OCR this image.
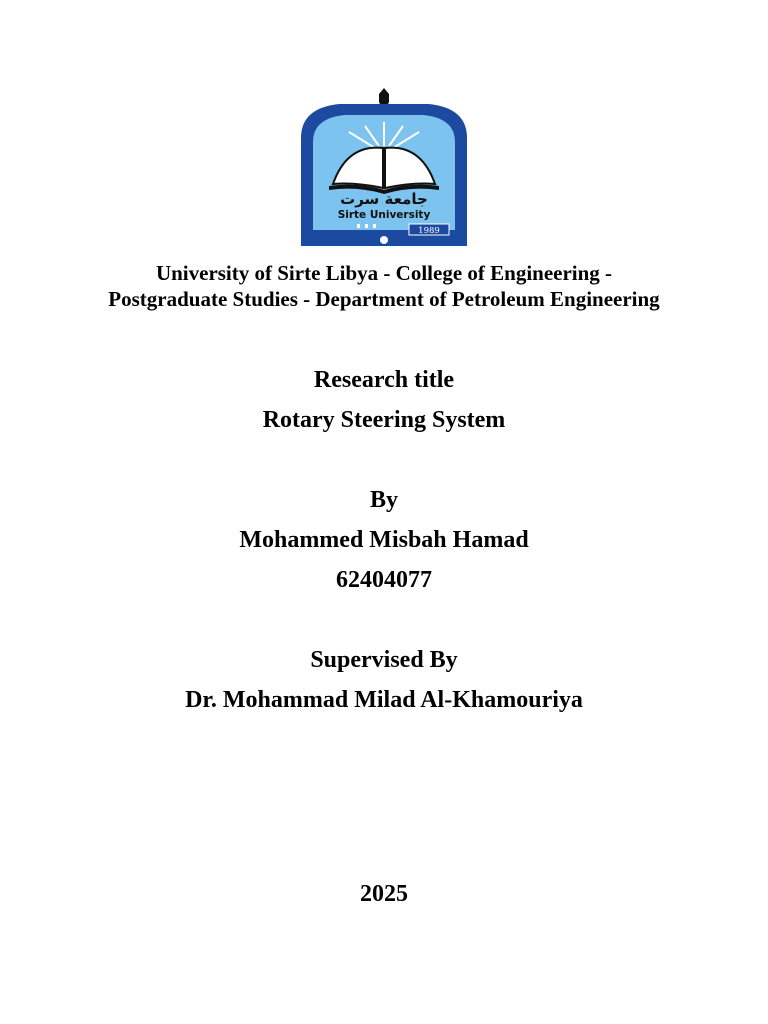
جامعة سرت
Sirte University
1989
University of Sirte Libya - College of Engineering - Postgraduate Studies - Department of Petroleum Engineering
Research title
Rotary Steering System
By
Mohammed Misbah Hamad
62404077
Supervised By
Dr. Mohammad Milad Al-Khamouriya
2025
